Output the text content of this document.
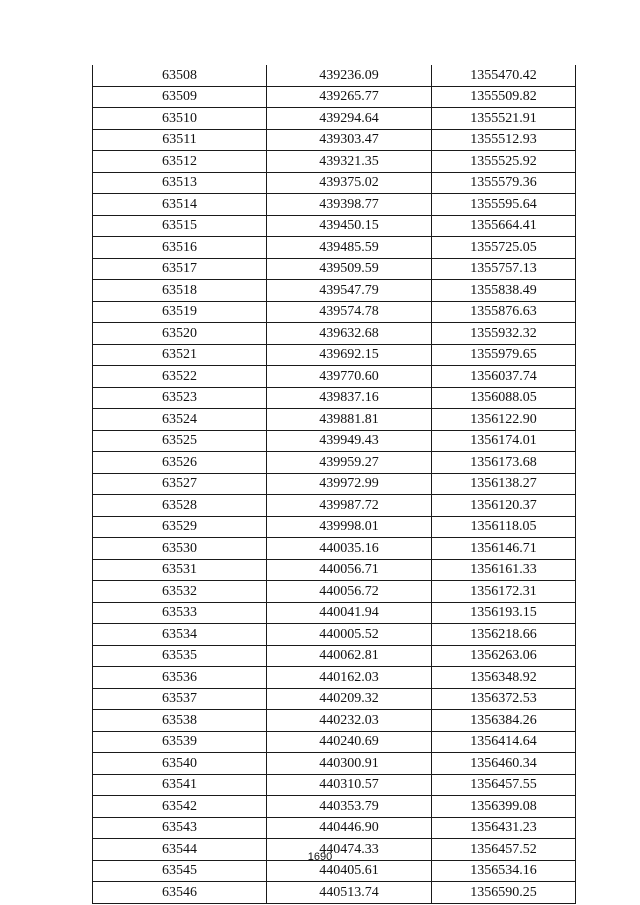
63508	439236.09	1355470.42
63509	439265.77	1355509.82
63510	439294.64	1355521.91
63511	439303.47	1355512.93
63512	439321.35	1355525.92
63513	439375.02	1355579.36
63514	439398.77	1355595.64
63515	439450.15	1355664.41
63516	439485.59	1355725.05
63517	439509.59	1355757.13
63518	439547.79	1355838.49
63519	439574.78	1355876.63
63520	439632.68	1355932.32
63521	439692.15	1355979.65
63522	439770.60	1356037.74
63523	439837.16	1356088.05
63524	439881.81	1356122.90
63525	439949.43	1356174.01
63526	439959.27	1356173.68
63527	439972.99	1356138.27
63528	439987.72	1356120.37
63529	439998.01	1356118.05
63530	440035.16	1356146.71
63531	440056.71	1356161.33
63532	440056.72	1356172.31
63533	440041.94	1356193.15
63534	440005.52	1356218.66
63535	440062.81	1356263.06
63536	440162.03	1356348.92
63537	440209.32	1356372.53
63538	440232.03	1356384.26
63539	440240.69	1356414.64
63540	440300.91	1356460.34
63541	440310.57	1356457.55
63542	440353.79	1356399.08
63543	440446.90	1356431.23
63544	440474.33	1356457.52
63545	440405.61	1356534.16
63546	440513.74	1356590.25
1690
